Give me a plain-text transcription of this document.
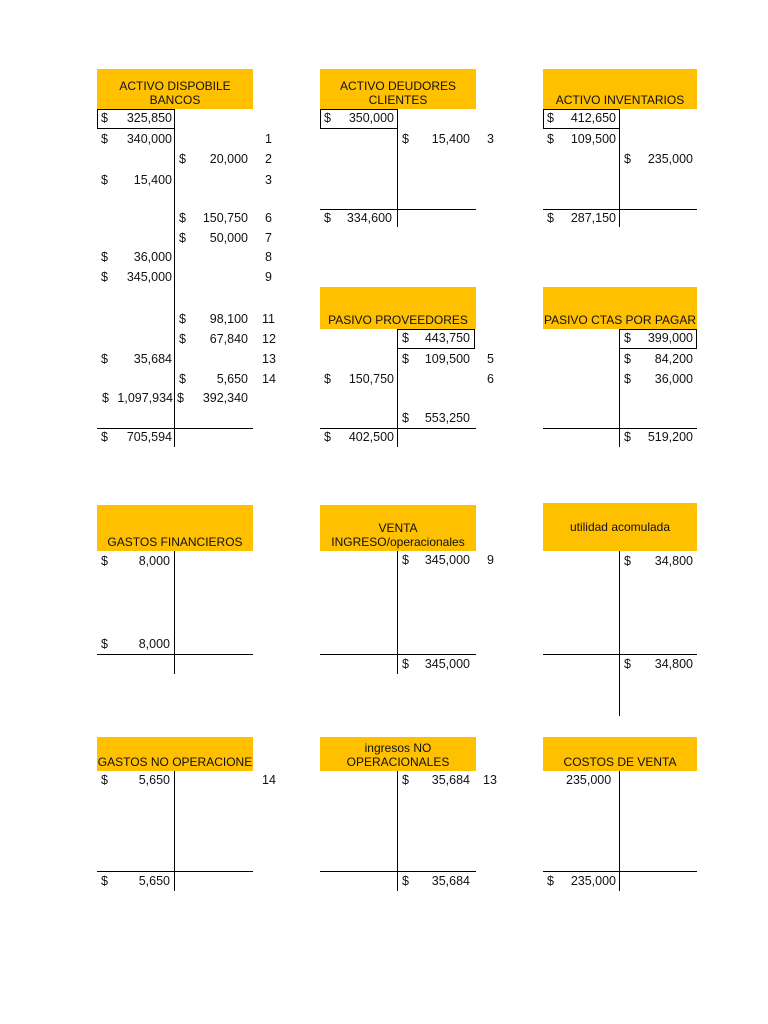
ACTIVO DISPOBILE
BANCOS
$ 325,850
$ 340,000
$ 20,000
$ 15,400
$ 150,750
$ 50,000
$ 36,000
$ 345,000
$ 98,100
$ 67,840
$ 35,684
$ 5,650
$ 1,097,934 $ 392,340
$ 705,594
1
2
3
6
7
8
9
11
12
13
14
ACTIVO DEUDORES
CLIENTES
$ 350,000
$ 15,400 3
$ 334,600
ACTIVO INVENTARIOS
$ 412,650
$ 109,500
$ 235,000
$ 287,150
PASIVO PROVEEDORES
$ 443,750
$ 109,500 5
$ 150,750	6
$ 553,250
$ 402,500
PASIVO CTAS POR PAGAR
$ 399,000
$ 84,200
$ 36,000
$ 519,200
GASTOS FINANCIEROS
$ 8,000
$ 8,000
VENTA
INGRESO/operacionales
$ 345,000 9
$ 345,000
utilidad acomulada
$ 34,800
$ 34,800
GASTOS NO OPERACIONE
$ 5,650	14
$ 5,650
ingresos NO
OPERACIONALES
$ 35,684 13
$ 35,684
COSTOS DE VENTA
235,000
$ 235,000
